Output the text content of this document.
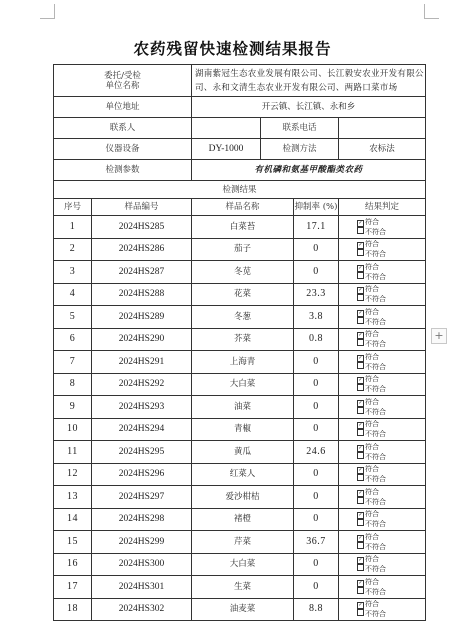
+
农药残留快速检测结果报告
委托/受检
单位名称		湖南紫冠生态农业发展有限公司、长江毅安农业开发有限公司、永和文清生态农业开发有限公司、两路口菜市场			
单位地址		开云镇、长江镇、永和乡			
联系人			联系电话		
仪器设备		DY-1000	检测方法		农标法
检测参数		有机磷和氨基甲酸酯类农药			
检测结果					
序号	样品编号	样品名称		抑制率 (%)	结果判定
1	2024HS285	白菜苔		17.1	✓ 符合
不符合

2	2024HS286	茄子		0	✓ 符合
不符合

3	2024HS287	冬苋		0	✓ 符合
不符合

4	2024HS288	花菜		23.3	✓ 符合
不符合

5	2024HS289	冬葱		3.8	✓ 符合
不符合

6	2024HS290	芥菜		0.8	✓ 符合
不符合

7	2024HS291	上海青		0	✓ 符合
不符合

8	2024HS292	大白菜		0	✓ 符合
不符合

9	2024HS293	油菜		0	✓ 符合
不符合

10	2024HS294	青椒		0	✓ 符合
不符合

11	2024HS295	黄瓜		24.6	✓ 符合
不符合

12	2024HS296	红菜人		0	✓ 符合
不符合

13	2024HS297	爱沙柑桔		0	✓ 符合
不符合

14	2024HS298	褚橙		0	✓ 符合
不符合

15	2024HS299	芹菜		36.7	✓ 符合
不符合

16	2024HS300	大白菜		0	✓ 符合
不符合

17	2024HS301	生菜		0	✓ 符合
不符合

18	2024HS302	油麦菜		8.8	✓ 符合
不符合
